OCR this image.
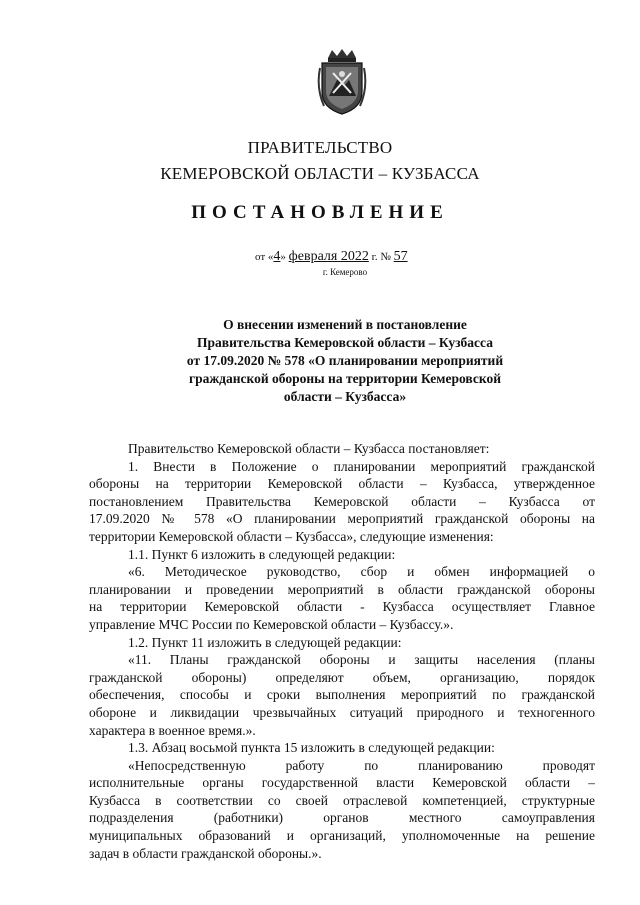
ПРАВИТЕЛЬСТВО
КЕМЕРОВСКОЙ ОБЛАСТИ – КУЗБАССА
ПОСТАНОВЛЕНИЕ
от «4» февраля 2022 г. № 57
г. Кемерово
О внесении изменений в постановление
Правительства Кемеровской области – Кузбасса
от 17.09.2020 № 578 «О планировании мероприятий
гражданской обороны на территории Кемеровской
области – Кузбасса»
Правительство Кемеровской области – Кузбасса постановляет:
1. Внести в Положение о планировании мероприятий гражданской
обороны на территории Кемеровской области – Кузбасса, утвержденное
постановлением Правительства Кемеровской области – Кузбасса от
17.09.2020 № 578 «О планировании мероприятий гражданской обороны на
территории Кемеровской области – Кузбасса», следующие изменения:
1.1. Пункт 6 изложить в следующей редакции:
«6. Методическое руководство, сбор и обмен информацией о
планировании и проведении мероприятий в области гражданской обороны
на территории Кемеровской области - Кузбасса осуществляет Главное
управление МЧС России по Кемеровской области – Кузбассу.».
1.2. Пункт 11 изложить в следующей редакции:
«11. Планы гражданской обороны и защиты населения (планы
гражданской обороны) определяют объем, организацию, порядок
обеспечения, способы и сроки выполнения мероприятий по гражданской
обороне и ликвидации чрезвычайных ситуаций природного и техногенного
характера в военное время.».
1.3. Абзац восьмой пункта 15 изложить в следующей редакции:
«Непосредственную работу по планированию проводят
исполнительные органы государственной власти Кемеровской области –
Кузбасса в соответствии со своей отраслевой компетенцией, структурные
подразделения (работники) органов местного самоуправления
муниципальных образований и организаций, уполномоченные на решение
задач в области гражданской обороны.».
